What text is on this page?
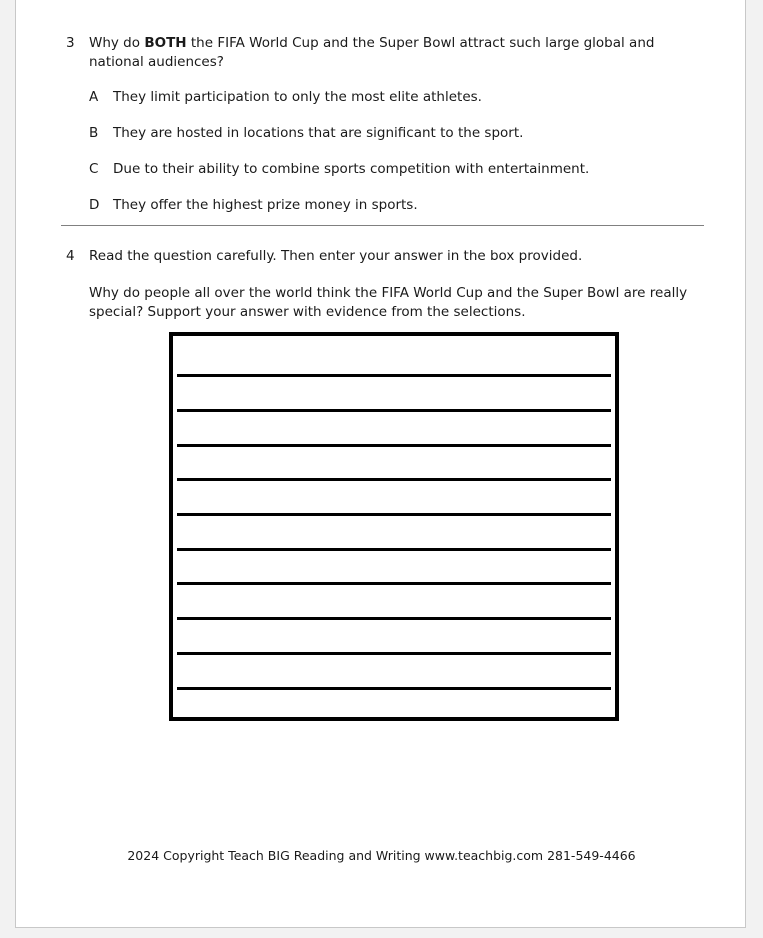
3	Why do BOTH the FIFA World Cup and the Super Bowl attract such large global and national audiences?
A	They limit participation to only the most elite athletes.
B	They are hosted in locations that are significant to the sport.
C	Due to their ability to combine sports competition with entertainment.
D	They offer the highest prize money in sports.
4	Read the question carefully. Then enter your answer in the box provided.
Why do people all over the world think the FIFA World Cup and the Super Bowl are really special? Support your answer with evidence from the selections.
2024 Copyright Teach BIG Reading and Writing www.teachbig.com 281-549-4466
